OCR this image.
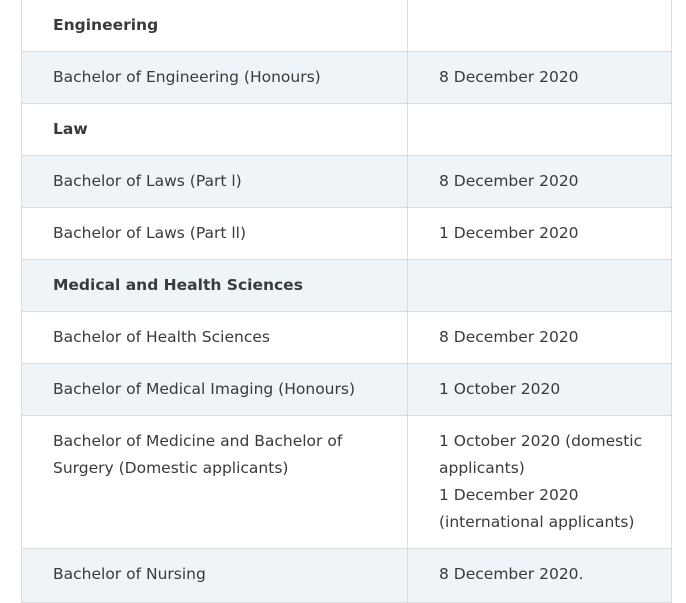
Engineering	

Bachelor of Engineering (Honours)	8 December 2020

Law	

Bachelor of Laws (Part l)	8 December 2020

Bachelor of Laws (Part ll)	1 December 2020

Medical and Health Sciences	

Bachelor of Health Sciences	8 December 2020

Bachelor of Medical Imaging (Honours)	1 October 2020

Bachelor of Medicine and Bachelor of Surgery (Domestic applicants)	1 October 2020 (domestic applicants)
1 December 2020 (international applicants)

Bachelor of Nursing	8 December 2020.
